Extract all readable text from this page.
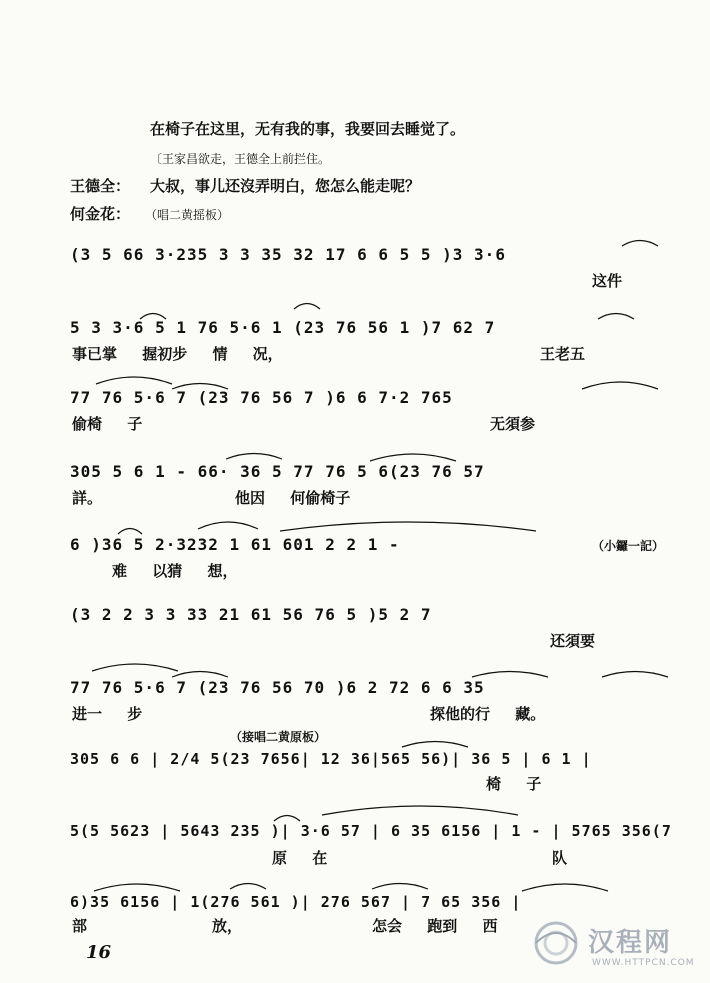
在椅子在这里，无有我的事，我要回去睡觉了。
〔王家昌欲走，王德全上前拦住。
王德全： 大叔，事儿还沒弄明白，您怎么能走呢？
何金花： （唱二黄摇板）
(3 5 66 3·235 3 3 35 32 17 6 6 5 5 )3 3·6
这件
5 3 3·6 5 1 76 5·6 1 (23 76 56 1 )7 62 7
事已掌 握初步 情 况，	王老五
77 76 5·6 7 (23 76 56 7 )6 6 7·2 765
偷椅 子	无須参
305 5 6 1 - 66· 36 5 77 76 5 6(23 76 57
詳。	他因 何偷椅子
6 )36 5 2·3232 1 61 601 2 2 1 -	（小鑼一記）
难 以猜 想，
(3 2 2 3 3 33 21 61 56 76 5 )5 2 7
还須要
77 76 5·6 7 (23 76 56 70 )6 2 72 6 6 35
进一 步	探他的行 藏。
（接唱二黄原板）
305 6 6 | 2/4 5(23 7656| 12 36|565 56)| 36 5 | 6 1 |
椅 子
5(5 5623 | 5643 235 )| 3·6 57 | 6 35 6156 | 1 - | 5765 356(7
原 在	队
6)35 6156 | 1(276 561 )| 276 567 | 7 65 356 |
部	放，	怎会 跑到 西
16	汉程网
WWW.HTTPCN.COM
